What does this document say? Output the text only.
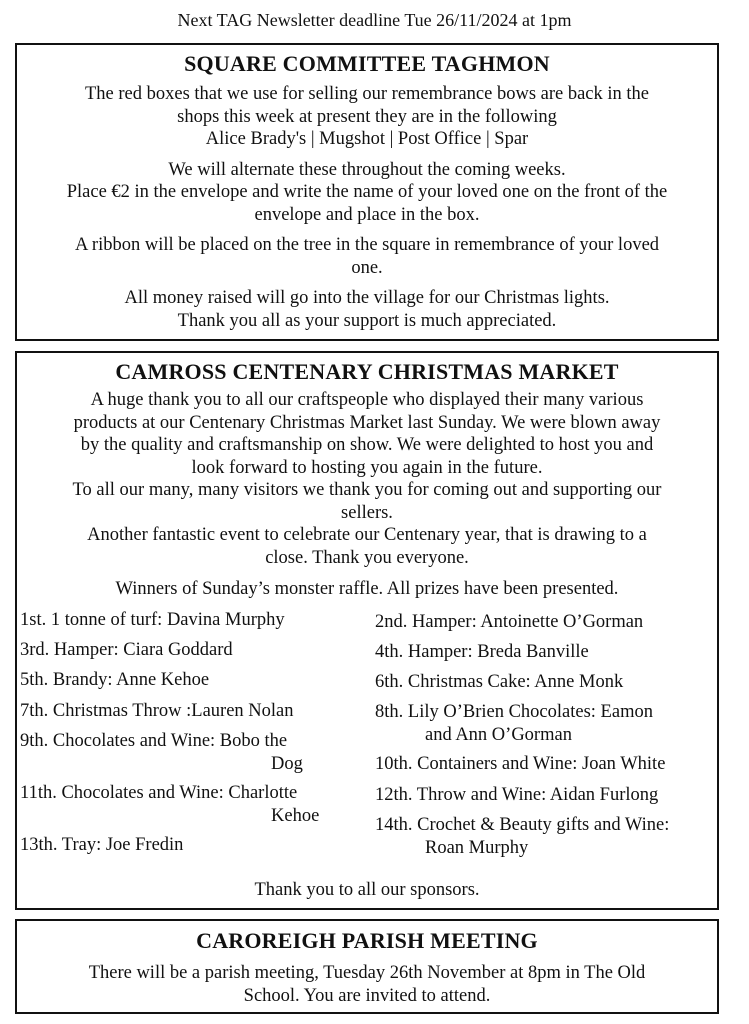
Next TAG Newsletter deadline Tue 26/11/2024 at 1pm
SQUARE COMMITTEE TAGHMON
The red boxes that we use for selling our remembrance bows are back in the
shops this week at present they are in the following
Alice Brady's | Mugshot | Post Office | Spar
We will alternate these throughout the coming weeks.
Place €2 in the envelope and write the name of your loved one on the front of the
envelope and place in the box.
A ribbon will be placed on the tree in the square in remembrance of your loved
one.
All money raised will go into the village for our Christmas lights.
Thank you all as your support is much appreciated.
CAMROSS CENTENARY CHRISTMAS MARKET
A huge thank you to all our craftspeople who displayed their many various
products at our Centenary Christmas Market last Sunday. We were blown away
by the quality and craftsmanship on show. We were delighted to host you and
look forward to hosting you again in the future.
To all our many, many visitors we thank you for coming out and supporting our
sellers.
Another fantastic event to celebrate our Centenary year, that is drawing to a
close. Thank you everyone.
Winners of Sunday’s monster raffle. All prizes have been presented.
1st. 1 tonne of turf: Davina Murphy
3rd. Hamper: Ciara Goddard
5th. Brandy: Anne Kehoe
7th. Christmas Throw :Lauren Nolan
9th. Chocolates and Wine: Bobo the
Dog
11th. Chocolates and Wine: Charlotte
Kehoe
13th. Tray: Joe Fredin
2nd. Hamper: Antoinette O’Gorman
4th. Hamper: Breda Banville
6th. Christmas Cake: Anne Monk
8th. Lily O’Brien Chocolates: Eamon
and Ann O’Gorman
10th. Containers and Wine: Joan White
12th. Throw and Wine: Aidan Furlong
14th. Crochet & Beauty gifts and Wine:
Roan Murphy
Thank you to all our sponsors.
CAROREIGH PARISH MEETING
There will be a parish meeting, Tuesday 26th November at 8pm in The Old
School. You are invited to attend.
